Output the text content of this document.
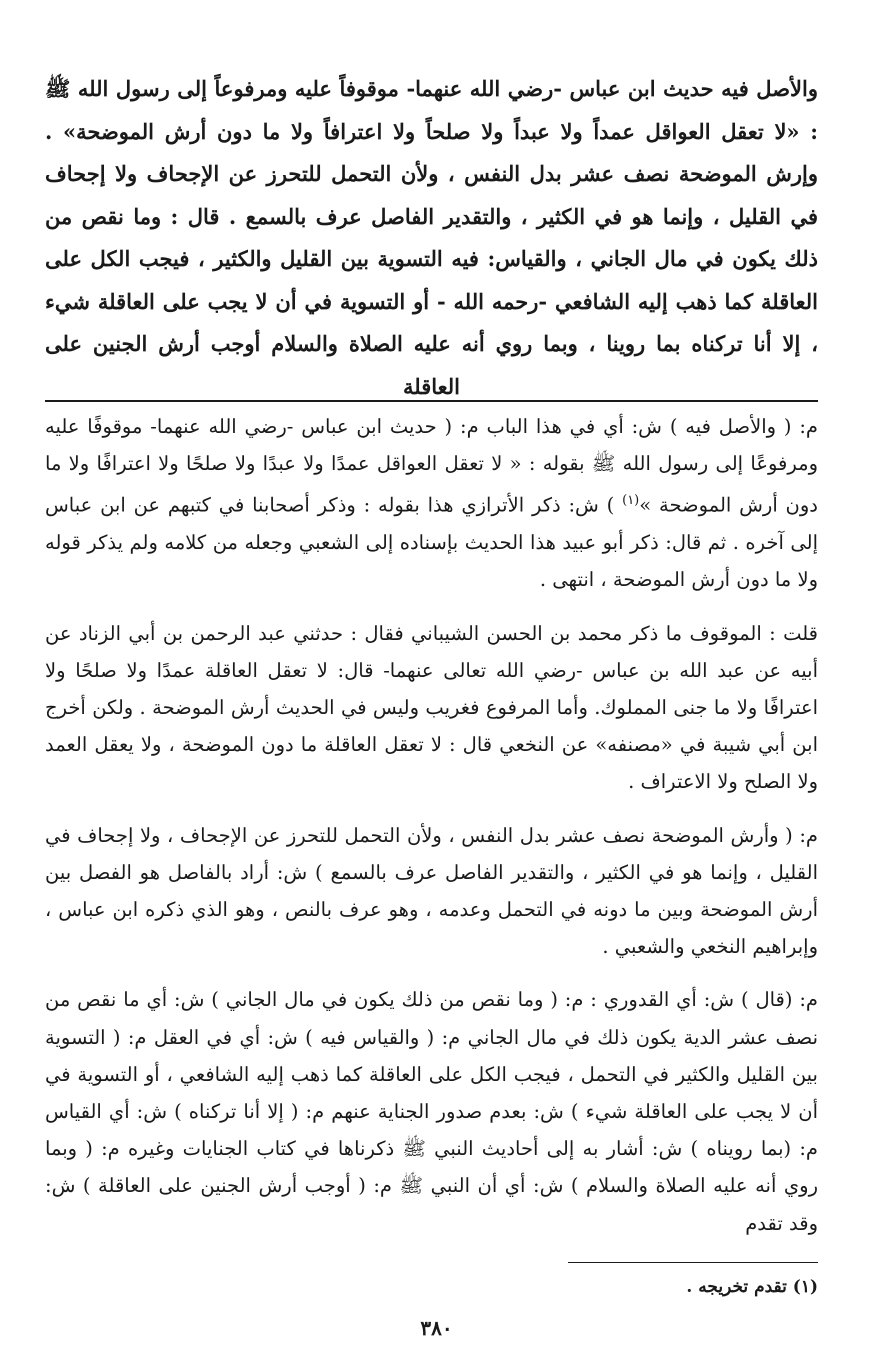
والأصل فيه حديث ابن عباس -رضي الله عنهما- موقوفاً عليه ومرفوعاً إلى رسول الله ﷺ : «لا تعقل العواقل عمداً ولا عبداً ولا صلحاً ولا اعترافاً ولا ما دون أرش الموضحة» . وإرش الموضحة نصف عشر بدل النفس ، ولأن التحمل للتحرز عن الإجحاف ولا إجحاف في القليل ، وإنما هو في الكثير ، والتقدير الفاصل عرف بالسمع . قال : وما نقص من ذلك يكون في مال الجاني ، والقياس: فيه التسوية بين القليل والكثير ، فيجب الكل على العاقلة كما ذهب إليه الشافعي -رحمه الله - أو التسوية في أن لا يجب على العاقلة شيء ، إلا أنا تركناه بما روينا ، وبما روي أنه عليه الصلاة والسلام أوجب أرش الجنين على العاقلة

م: ( والأصل فيه ) ش: أي في هذا الباب م: ( حديث ابن عباس -رضي الله عنهما- موقوفًا عليه ومرفوعًا إلى رسول الله ﷺ بقوله : « لا تعقل العواقل عمدًا ولا عبدًا ولا صلحًا ولا اعترافًا ولا ما دون أرش الموضحة »$^{(١)}$ ) ش: ذكر الأترازي هذا بقوله : وذكر أصحابنا في كتبهم عن ابن عباس إلى آخره . ثم قال: ذكر أبو عبيد هذا الحديث بإسناده إلى الشعبي وجعله من كلامه ولم يذكر قوله ولا ما دون أرش الموضحة ، انتهى .

قلت : الموقوف ما ذكر محمد بن الحسن الشيباني فقال : حدثني عبد الرحمن بن أبي الزناد عن أبيه عن عبد الله بن عباس -رضي الله تعالى عنهما- قال: لا تعقل العاقلة عمدًا ولا صلحًا ولا اعترافًا ولا ما جنى المملوك. وأما المرفوع فغريب وليس في الحديث أرش الموضحة . ولكن أخرج ابن أبي شيبة في «مصنفه» عن النخعي قال : لا تعقل العاقلة ما دون الموضحة ، ولا يعقل العمد ولا الصلح ولا الاعتراف .

م: ( وأرش الموضحة نصف عشر بدل النفس ، ولأن التحمل للتحرز عن الإجحاف ، ولا إجحاف في القليل ، وإنما هو في الكثير ، والتقدير الفاصل عرف بالسمع ) ش: أراد بالفاصل هو الفصل بين أرش الموضحة وبين ما دونه في التحمل وعدمه ، وهو عرف بالنص ، وهو الذي ذكره ابن عباس ، وإبراهيم النخعي والشعبي .

م: (قال ) ش: أي القدوري : م: ( وما نقص من ذلك يكون في مال الجاني ) ش: أي ما نقص من نصف عشر الدية يكون ذلك في مال الجاني م: ( والقياس فيه ) ش: أي في العقل م: ( التسوية بين القليل والكثير في التحمل ، فيجب الكل على العاقلة كما ذهب إليه الشافعي ، أو التسوية في أن لا يجب على العاقلة شيء ) ش: بعدم صدور الجناية عنهم م: ( إلا أنا تركناه ) ش: أي القياس م: (بما رويناه ) ش: أشار به إلى أحاديث النبي ﷺ ذكرناها في كتاب الجنايات وغيره م: ( وبما روي أنه عليه الصلاة والسلام ) ش: أي أن النبي ﷺ م: ( أوجب أرش الجنين على العاقلة ) ش: وقد تقدم

(١) تقدم تخريجه .
٣٨٠
